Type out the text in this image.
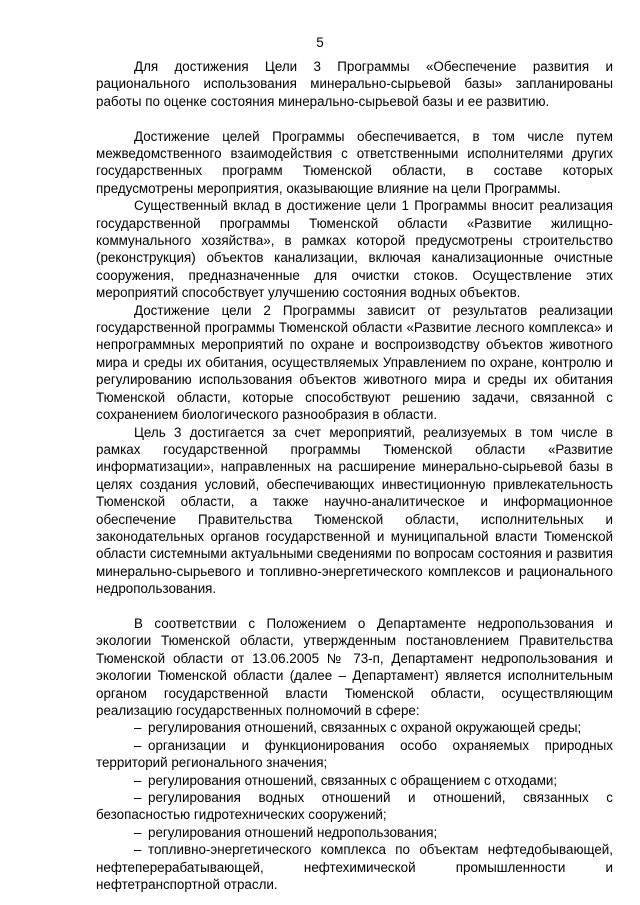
5

Для достижения Цели 3 Программы «Обеспечение развития и рационального использования минерально-сырьевой базы» запланированы работы по оценке состояния минерально-сырьевой базы и ее развитию.

Достижение целей Программы обеспечивается, в том числе путем межведомственного взаимодействия с ответственными исполнителями других государственных программ Тюменской области, в составе которых предусмотрены мероприятия, оказывающие влияние на цели Программы.

Существенный вклад в достижение цели 1 Программы вносит реализация государственной программы Тюменской области «Развитие жилищно-коммунального хозяйства», в рамках которой предусмотрены строительство (реконструкция) объектов канализации, включая канализационные очистные сооружения, предназначенные для очистки стоков. Осуществление этих мероприятий способствует улучшению состояния водных объектов.

Достижение цели 2 Программы зависит от результатов реализации государственной программы Тюменской области «Развитие лесного комплекса» и непрограммных мероприятий по охране и воспроизводству объектов животного мира и среды их обитания, осуществляемых Управлением по охране, контролю и регулированию использования объектов животного мира и среды их обитания Тюменской области, которые способствуют решению задачи, связанной с сохранением биологического разнообразия в области.

Цель 3 достигается за счет мероприятий, реализуемых в том числе в рамках государственной программы Тюменской области «Развитие информатизации», направленных на расширение минерально-сырьевой базы в целях создания условий, обеспечивающих инвестиционную привлекательность Тюменской области, а также научно-аналитическое и информационное обеспечение Правительства Тюменской области, исполнительных и законодательных органов государственной и муниципальной власти Тюменской области системными актуальными сведениями по вопросам состояния и развития минерально-сырьевого и топливно-энергетического комплексов и рационального недропользования.

В соответствии с Положением о Департаменте недропользования и экологии Тюменской области, утвержденным постановлением Правительства Тюменской области от 13.06.2005 № 73-п, Департамент недропользования и экологии Тюменской области (далее – Департамент) является исполнительным органом государственной власти Тюменской области, осуществляющим реализацию государственных полномочий в сфере:

– регулирования отношений, связанных с охраной окружающей среды;

– организации и функционирования особо охраняемых природных территорий регионального значения;

– регулирования отношений, связанных с обращением с отходами;

– регулирования водных отношений и отношений, связанных с безопасностью гидротехнических сооружений;

– регулирования отношений недропользования;

– топливно-энергетического комплекса по объектам нефтедобывающей, нефтеперерабатывающей, нефтехимической промышленности и нефтетранспортной отрасли.
